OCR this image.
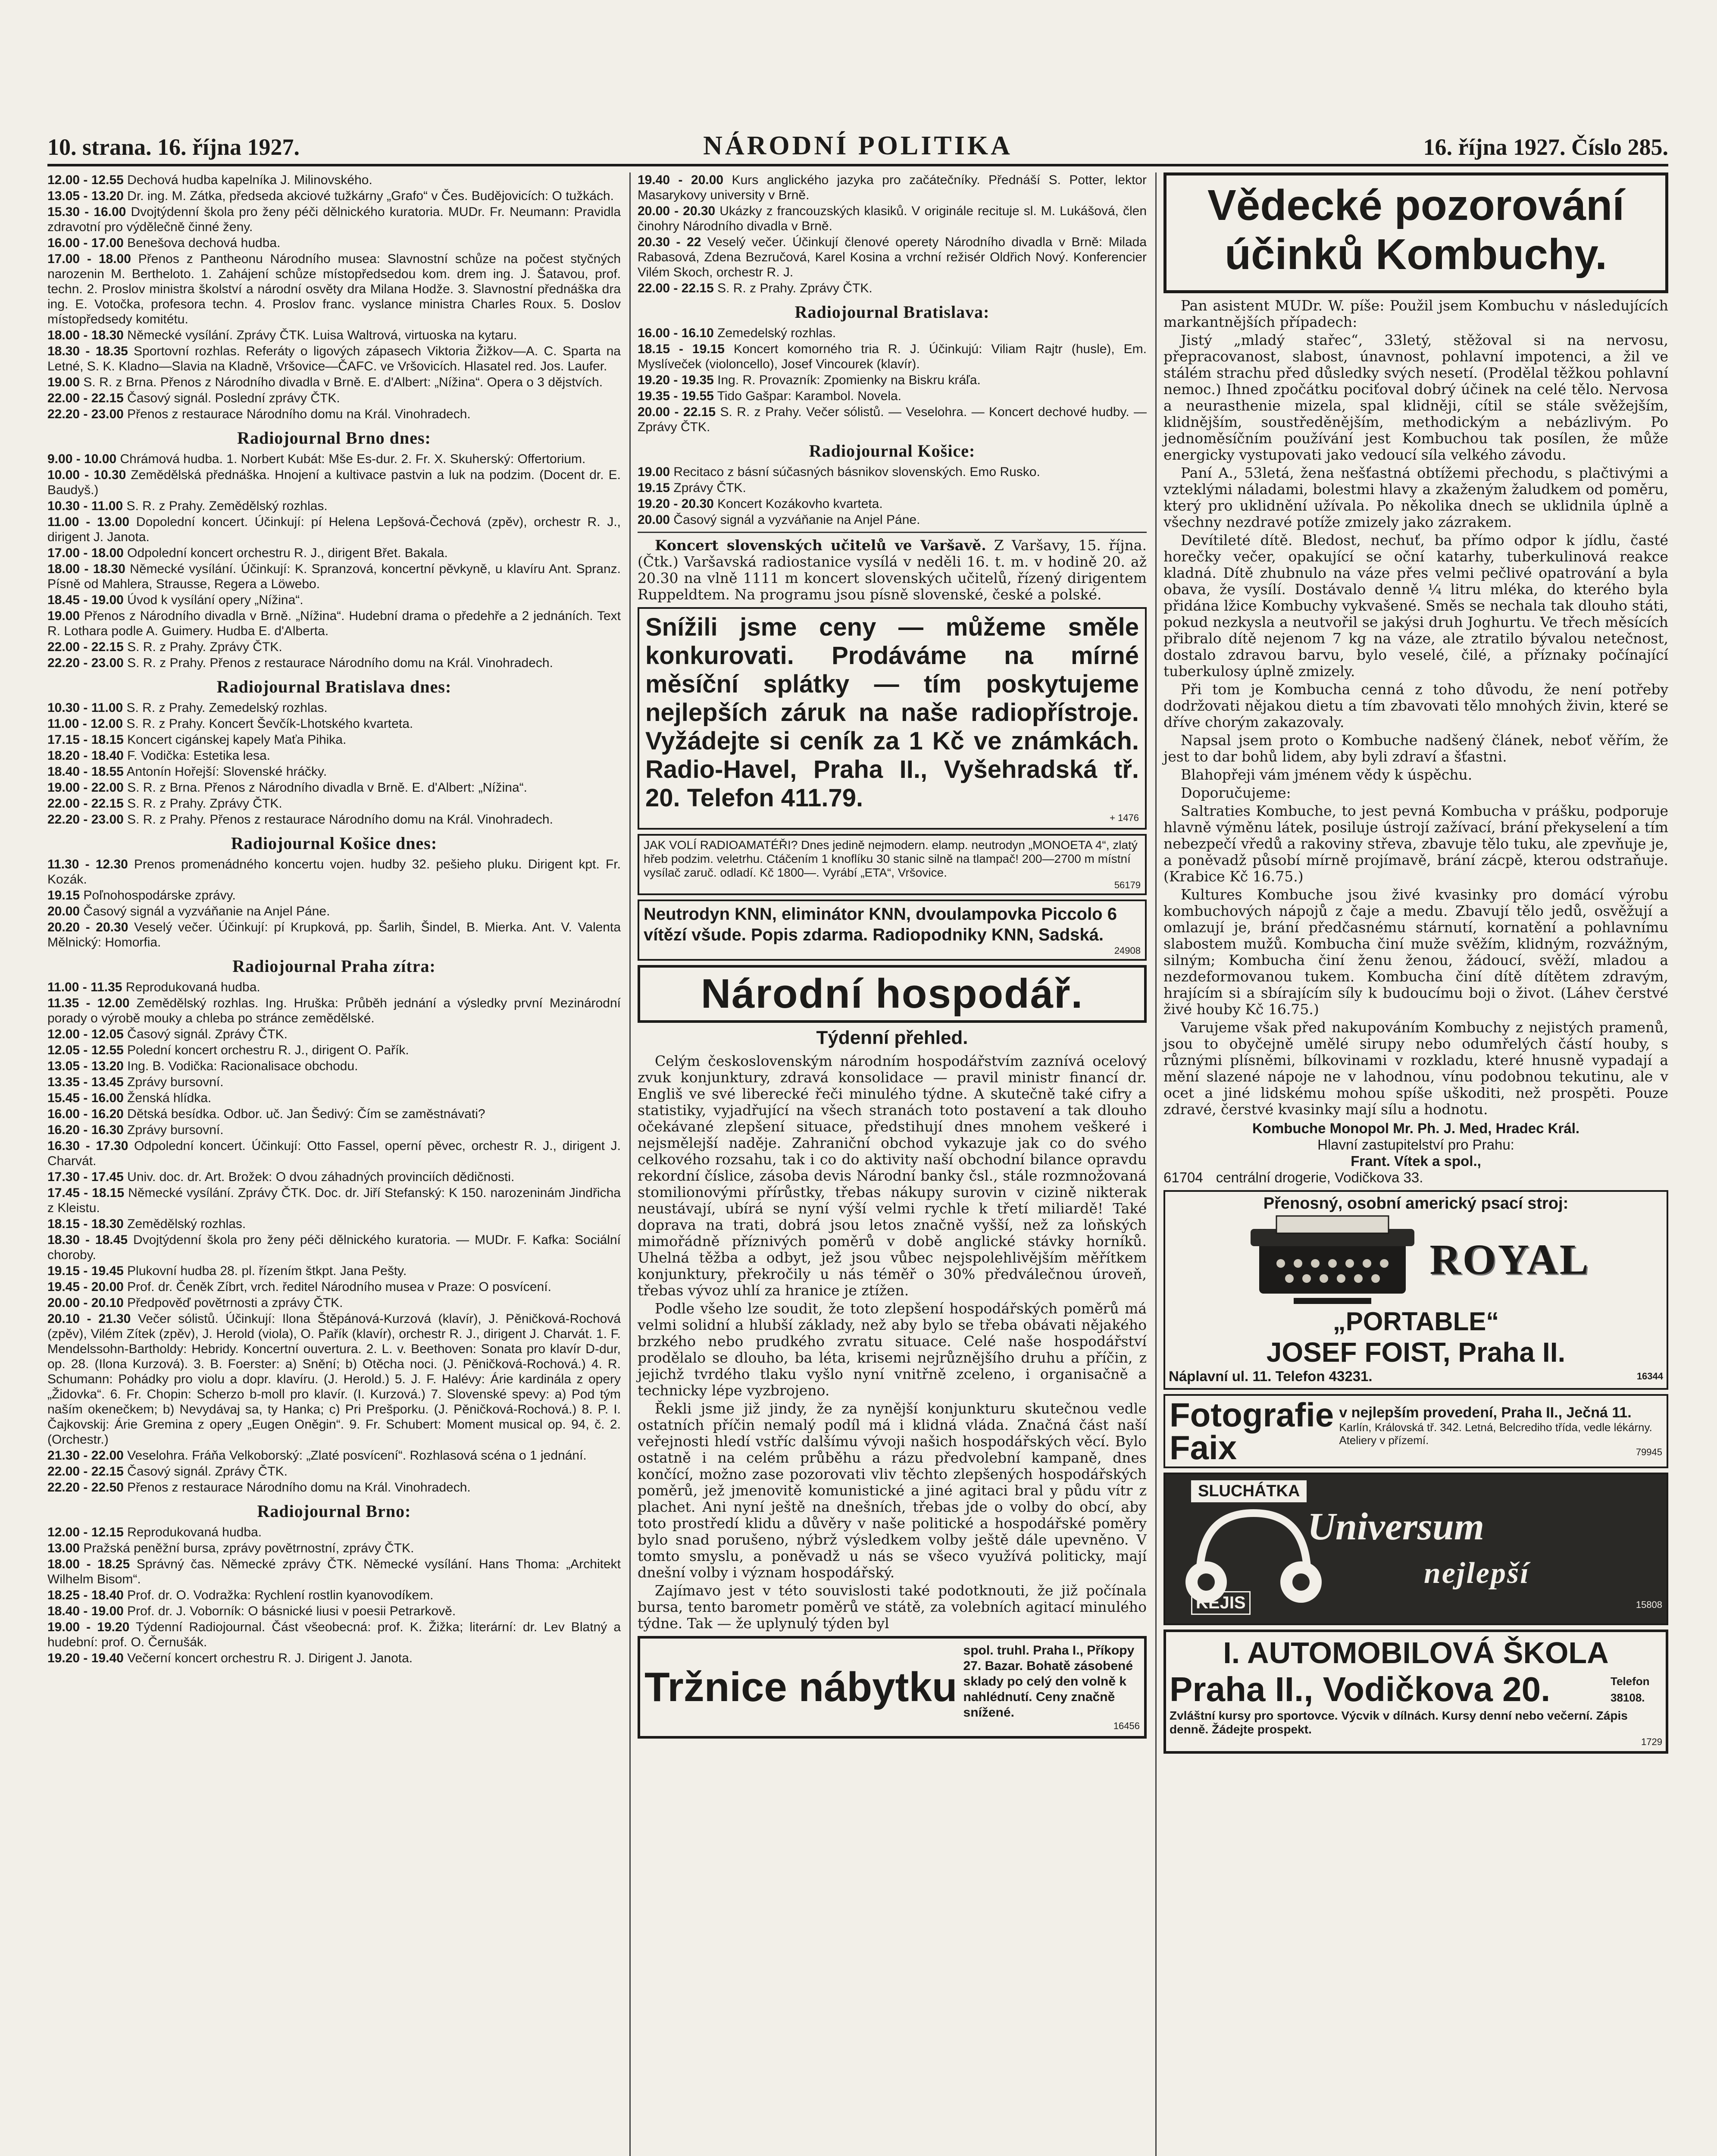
10. strana. 16. října 1927.	NÁRODNÍ POLITIKA	16. října 1927. Číslo 285.

12.00 - 12.55 Dechová hudba kapelníka J. Milinovského.

13.05 - 13.20 Dr. ing. M. Zátka, předseda akciové tužkárny „Grafo“ v Čes. Budějovicích: O tužkách.

15.30 - 16.00 Dvojtýdenní škola pro ženy péči dělnického kuratoria. MUDr. Fr. Neumann: Pravidla zdravotní pro výdělečně činné ženy.

16.00 - 17.00 Benešova dechová hudba.

17.00 - 18.00 Přenos z Pantheonu Národního musea: Slavnostní schůze na počest styčných narozenin M. Bertheloto. 1. Zahájení schůze místopředsedou kom. drem ing. J. Šatavou, prof. techn. 2. Proslov ministra školství a národní osvěty dra Milana Hodže. 3. Slavnostní přednáška dra ing. E. Votočka, profesora techn. 4. Proslov franc. vyslance ministra Charles Roux. 5. Doslov místopředsedy komitétu.

18.00 - 18.30 Německé vysílání. Zprávy ČTK. Luisa Waltrová, virtuoska na kytaru.

18.30 - 18.35 Sportovní rozhlas. Referáty o ligových zápasech Viktoria Žižkov—A. C. Sparta na Letné, S. K. Kladno—Slavia na Kladně, Vršovice—ČAFC. ve Vršovicích. Hlasatel red. Jos. Laufer.

19.00 S. R. z Brna. Přenos z Národního divadla v Brně. E. d'Albert: „Nížina“. Opera o 3 dějstvích.

22.00 - 22.15 Časový signál. Poslední zprávy ČTK.

22.20 - 23.00 Přenos z restaurace Národního domu na Král. Vinohradech.

Radiojournal Brno dnes:

9.00 - 10.00 Chrámová hudba. 1. Norbert Kubát: Mše Es-dur. 2. Fr. X. Skuherský: Offertorium.

10.00 - 10.30 Zemědělská přednáška. Hnojení a kultivace pastvin a luk na podzim. (Docent dr. E. Baudyš.)

10.30 - 11.00 S. R. z Prahy. Zemědělský rozhlas.

11.00 - 13.00 Dopolední koncert. Účinkují: pí Helena Lepšová-Čechová (zpěv), orchestr R. J., dirigent J. Janota.

17.00 - 18.00 Odpolední koncert orchestru R. J., dirigent Břet. Bakala.

18.00 - 18.30 Německé vysílání. Účinkují: K. Spranzová, koncertní pěvkyně, u klavíru Ant. Spranz. Písně od Mahlera, Strausse, Regera a Löwebo.

18.45 - 19.00 Úvod k vysílání opery „Nížina“.

19.00 Přenos z Národního divadla v Brně. „Nížina“. Hudební drama o předehře a 2 jednáních. Text R. Lothara podle A. Guimery. Hudba E. d'Alberta.

22.00 - 22.15 S. R. z Prahy. Zprávy ČTK.

22.20 - 23.00 S. R. z Prahy. Přenos z restaurace Národního domu na Král. Vinohradech.

Radiojournal Bratislava dnes:

10.30 - 11.00 S. R. z Prahy. Zemedelský rozhlas.

11.00 - 12.00 S. R. z Prahy. Koncert Ševčík-Lhotského kvarteta.

17.15 - 18.15 Koncert cigánskej kapely Maťa Pihika.

18.20 - 18.40 F. Vodička: Estetika lesa.

18.40 - 18.55 Antonín Hořejší: Slovenské hráčky.

19.00 - 22.00 S. R. z Brna. Přenos z Národního divadla v Brně. E. d'Albert: „Nížina“.

22.00 - 22.15 S. R. z Prahy. Zprávy ČTK.

22.20 - 23.00 S. R. z Prahy. Přenos z restaurace Národního domu na Král. Vinohradech.

Radiojournal Košice dnes:

11.30 - 12.30 Prenos promenádného koncertu vojen. hudby 32. pešieho pluku. Dirigent kpt. Fr. Kozák.

19.15 Poľnohospodárske zprávy.

20.00 Časový signál a vyzváňanie na Anjel Páne.

20.20 - 20.30 Veselý večer. Účinkují: pí Krupková, pp. Šarlih, Šindel, B. Mierka. Ant. V. Valenta Mělnický: Homorfia.

Radiojournal Praha zítra:

11.00 - 11.35 Reprodukovaná hudba.

11.35 - 12.00 Zemědělský rozhlas. Ing. Hruška: Průběh jednání a výsledky první Mezinárodní porady o výrobě mouky a chleba po stránce zemědělské.

12.00 - 12.05 Časový signál. Zprávy ČTK.

12.05 - 12.55 Polední koncert orchestru R. J., dirigent O. Pařík.

13.05 - 13.20 Ing. B. Vodička: Racionalisace obchodu.

13.35 - 13.45 Zprávy bursovní.

15.45 - 16.00 Ženská hlídka.

16.00 - 16.20 Dětská besídka. Odbor. uč. Jan Šedivý: Čím se zaměstnávati?

16.20 - 16.30 Zprávy bursovní.

16.30 - 17.30 Odpolední koncert. Účinkují: Otto Fassel, operní pěvec, orchestr R. J., dirigent J. Charvát.

17.30 - 17.45 Univ. doc. dr. Art. Brožek: O dvou záhadných provinciích dědičnosti.

17.45 - 18.15 Německé vysílání. Zprávy ČTK. Doc. dr. Jiří Stefanský: K 150. narozeninám Jindřicha z Kleistu.

18.15 - 18.30 Zemědělský rozhlas.

18.30 - 18.45 Dvojtýdenní škola pro ženy péči dělnického kuratoria. — MUDr. F. Kafka: Sociální choroby.

19.15 - 19.45 Plukovní hudba 28. pl. řízením štkpt. Jana Pešty.

19.45 - 20.00 Prof. dr. Čeněk Zíbrt, vrch. ředitel Národního musea v Praze: O posvícení.

20.00 - 20.10 Předpověď povětrnosti a zprávy ČTK.

20.10 - 21.30 Večer sólistů. Účinkují: Ilona Štěpánová-Kurzová (klavír), J. Pěničková-Rochová (zpěv), Vilém Zítek (zpěv), J. Herold (viola), O. Pařík (klavír), orchestr R. J., dirigent J. Charvát. 1. F. Mendelssohn-Bartholdy: Hebridy. Koncertní ouvertura. 2. L. v. Beethoven: Sonata pro klavír D-dur, op. 28. (Ilona Kurzová). 3. B. Foerster: a) Snění; b) Otěcha noci. (J. Pěničková-Rochová.) 4. R. Schumann: Pohádky pro violu a dopr. klavíru. (J. Herold.) 5. J. F. Halévy: Árie kardinála z opery „Židovka“. 6. Fr. Chopin: Scherzo b-moll pro klavír. (I. Kurzová.) 7. Slovenské spevy: a) Pod tým naším okenečkem; b) Nevydávaj sa, ty Hanka; c) Pri Prešporku. (J. Pěničková-Rochová.) 8. P. I. Čajkovskij: Árie Gremina z opery „Eugen Oněgin“. 9. Fr. Schubert: Moment musical op. 94, č. 2. (Orchestr.)

21.30 - 22.00 Veselohra. Fráňa Velkoborský: „Zlaté posvícení“. Rozhlasová scéna o 1 jednání.

22.00 - 22.15 Časový signál. Zprávy ČTK.

22.20 - 22.50 Přenos z restaurace Národního domu na Král. Vinohradech.

Radiojournal Brno:

12.00 - 12.15 Reprodukovaná hudba.

13.00 Pražská peněžní bursa, zprávy povětrnostní, zprávy ČTK.

18.00 - 18.25 Správný čas. Německé zprávy ČTK. Německé vysílání. Hans Thoma: „Architekt Wilhelm Bisom“.

18.25 - 18.40 Prof. dr. O. Vodražka: Rychlení rostlin kyanovodíkem.

18.40 - 19.00 Prof. dr. J. Voborník: O básnické liusi v poesii Petrarkově.

19.00 - 19.20 Týdenní Radiojournal. Část všeobecná: prof. K. Žižka; literární: dr. Lev Blatný a hudební: prof. O. Černušák.

19.20 - 19.40 Večerní koncert orchestru R. J. Dirigent J. Janota.

19.40 - 20.00 Kurs anglického jazyka pro začátečníky. Přednáší S. Potter, lektor Masarykovy university v Brně.

20.00 - 20.30 Ukázky z francouzských klasiků. V originále recituje sl. M. Lukášová, člen činohry Národního divadla v Brně.

20.30 - 22 Veselý večer. Účinkují členové operety Národního divadla v Brně: Milada Rabasová, Zdena Bezručová, Karel Kosina a vrchní režisér Oldřich Nový. Konferencier Vilém Skoch, orchestr R. J.

22.00 - 22.15 S. R. z Prahy. Zprávy ČTK.

Radiojournal Bratislava:

16.00 - 16.10 Zemedelský rozhlas.

18.15 - 19.15 Koncert komorného tria R. J. Účinkujú: Viliam Rajtr (husle), Em. Myslíveček (violoncello), Josef Vincourek (klavír).

19.20 - 19.35 Ing. R. Provazník: Zpomienky na Biskru kráľa.

19.35 - 19.55 Tido Gašpar: Karambol. Novela.

20.00 - 22.15 S. R. z Prahy. Večer sólistů. — Veselohra. — Koncert dechové hudby. — Zprávy ČTK.

Radiojournal Košice:

19.00 Recitaco z básní súčasných básnikov slovenských. Emo Rusko.

19.15 Zprávy ČTK.

19.20 - 20.30 Koncert Kozákovho kvarteta.

20.00 Časový signál a vyzváňanie na Anjel Páne.

Koncert slovenských učitelů ve Varšavě. Z Varšavy, 15. října. (Čtk.) Varšavská radiostanice vysílá v neděli 16. t. m. v hodině 20. až 20.30 na vlně 1111 m koncert slovenských učitelů, řízený dirigentem Ruppeldtem. Na programu jsou písně slovenské, české a polské.

Snížili jsme ceny — můžeme směle konkurovati. Prodáváme na mírné měsíční splátky — tím poskytujeme nejlepších záruk na naše radiopřístroje. Vyžádejte si ceník za 1 Kč ve známkách. Radio-Havel, Praha II., Vyšehradská tř. 20. Telefon 411.79.
+ 1476
JAK VOLÍ RADIOAMATÉŘI? Dnes jedině nejmodern. elamp. neutrodyn „MONOETA 4“, zlatý hřeb podzim. veletrhu. Ctáčením 1 knoflíku 30 stanic silně na tlampač! 200—2700 m místní vysílač zaruč. odladí. Kč 1800—. Vyrábí „ETA“, Vršovice.
56179
Neutrodyn KNN, eliminátor KNN, dvoulampovka Piccolo 6 vítězí všude. Popis zdarma. Radiopodniky KNN, Sadská.
24908
Národní hospodář.
Týdenní přehled.

Celým československým národním hospodářstvím zaznívá ocelový zvuk konjunktury, zdravá konsolidace — pravil ministr financí dr. Engliš ve své liberecké řeči minulého týdne. A skutečně také cifry a statistiky, vyjadřující na všech stranách toto postavení a tak dlouho očekávané zlepšení situace, předstihují dnes mnohem veškeré i nejsmělejší naděje. Zahraniční obchod vykazuje jak co do svého celkového rozsahu, tak i co do aktivity naší obchodní bilance opravdu rekordní číslice, zásoba devis Národní banky čsl., stále rozmnožovaná stomilionovými přírůstky, třebas nákupy surovin v cizině nikterak neustávají, ubírá se nyní výší velmi rychle k třetí miliardě! Také doprava na trati, dobrá jsou letos značně vyšší, než za loňských mimořádně příznivých poměrů v době anglické stávky horníků. Uhelná těžba a odbyt, jež jsou vůbec nejspolehlivějším měřítkem konjunktury, překročily u nás téměř o 30% předválečnou úroveň, třebas vývoz uhlí za hranice je ztížen.

Podle všeho lze soudit, že toto zlepšení hospodářských poměrů má velmi solidní a hlubší základy, než aby bylo se třeba obávati nějakého brzkého nebo prudkého zvratu situace. Celé naše hospodářství prodělalo se dlouho, ba léta, krisemi nejrůznějšího druhu a příčin, z jejichž tvrdého tlaku vyšlo nyní vnitřně zceleno, i organisačně a technicky lépe vyzbrojeno.

Řekli jsme již jindy, že za nynější konjunkturu skutečnou vedle ostatních příčin nemalý podíl má i klidná vláda. Značná část naší veřejnosti hledí vstříc dalšímu vývoji našich hospodářských věcí. Bylo ostatně i na celém průběhu a rázu předvolební kampaně, dnes končící, možno zase pozorovati vliv těchto zlepšených hospodářských poměrů, jež jmenovitě komunistické a jiné agitaci bral y půdu vítr z plachet. Ani nyní ještě na dnešních, třebas jde o volby do obcí, aby toto prostředí klidu a důvěry v naše politické a hospodářské poměry bylo snad porušeno, nýbrž výsledkem volby ještě dále upevněno. V tomto smyslu, a poněvadž u nás se všeco využívá politicky, mají dnešní volby i význam hospodářský.

Zajímavo jest v této souvislosti také podotknouti, že již počínala bursa, tento barometr poměrů ve státě, za volebních agitací minulého týdne. Tak — že uplynulý týden byl

Tržnice nábytku
spol. truhl. Praha I., Příkopy 27. Bazar. Bohatě zásobené sklady po celý den volně k nahlédnutí. Ceny značně snížené.
16456
Vědecké pozorování účinků Kombuchy.

Pan asistent MUDr. W. píše: Použil jsem Kombuchu v následujících markantnějších případech:

Jistý „mladý stařec“, 33letý, stěžoval si na nervosu, přepracovanost, slabost, únavnost, pohlavní impotenci, a žil ve stálém strachu před důsledky svých nesetí. (Prodělal těžkou pohlavní nemoc.) Ihned zpočátku pociťoval dobrý účinek na celé tělo. Nervosa a neurasthenie mizela, spal klidněji, cítil se stále svěžejším, klidnějším, soustředěnějším, methodickým a nebázlivým. Po jednoměsíčním používání jest Kombuchou tak posílen, že může energicky vystupovati jako vedoucí síla velkého závodu.

Paní A., 53letá, žena nešťastná obtížemi přechodu, s plačtivými a vzteklými náladami, bolestmi hlavy a zkaženým žaludkem od poměru, který pro uklidnění užívala. Po několika dnech se uklidnila úplně a všechny nezdravé potíže zmizely jako zázrakem.

Devítileté dítě. Bledost, nechuť, ba přímo odpor k jídlu, časté horečky večer, opakující se oční katarhy, tuberkulinová reakce kladná. Dítě zhubnulo na váze přes velmi pečlivé opatrování a byla obava, že vysílí. Dostávalo denně ¼ litru mléka, do kterého byla přidána lžice Kombuchy vykvašené. Směs se nechala tak dlouho státi, pokud nezkysla a neutvořil se jakýsi druh Joghurtu. Ve třech měsících přibralo dítě nejenom 7 kg na váze, ale ztratilo bývalou netečnost, dostalo zdravou barvu, bylo veselé, čilé, a příznaky počínající tuberkulosy úplně zmizely.

Při tom je Kombucha cenná z toho důvodu, že není potřeby dodržovati nějakou dietu a tím zbavovati tělo mnohých živin, které se dříve chorým zakazovaly.

Napsal jsem proto o Kombuche nadšený článek, neboť věřím, že jest to dar bohů lidem, aby byli zdraví a šťastni.

Blahopřeji vám jménem vědy k úspěchu.

Doporučujeme:

Saltraties Kombuche, to jest pevná Kombucha v prášku, podporuje hlavně výměnu látek, posiluje ústrojí zažívací, brání překyselení a tím nebezpečí vředů a rakoviny střeva, zbavuje tělo tuku, ale zpevňuje je, a poněvadž působí mírně projímavě, brání zácpě, kterou odstraňuje. (Krabice Kč 16.75.)

Kultures Kombuche jsou živé kvasinky pro domácí výrobu kombuchových nápojů z čaje a medu. Zbavují tělo jedů, osvěžují a omlazují je, brání předčasnému stárnutí, kornatění a pohlavnímu slabostem mužů. Kombucha činí muže svěžím, klidným, rozvážným, silným; Kombucha činí ženu ženou, žádoucí, svěží, mladou a nezdeformovanou tukem. Kombucha činí dítě dítětem zdravým, hrajícím si a sbírajícím síly k budoucímu boji o život. (Láhev čerstvé živé houby Kč 16.75.)

Varujeme však před nakupováním Kombuchy z nejistých pramenů, jsou to obyčejně umělé sirupy nebo odumřelých částí houby, s různými plísněmi, bílkovinami v rozkladu, které hnusně vypadají a mění slazené nápoje ne v lahodnou, vínu podobnou tekutinu, ale v ocet a jiné lidskému mohou spíše uškoditi, než prospěti. Pouze zdravé, čerstvé kvasinky mají sílu a hodnotu.

Kombuche Monopol Mr. Ph. J. Med, Hradec Král.
Hlavní zastupitelství pro Prahu:
Frant. Vítek a spol.,
61704 centrální drogerie, Vodičkova 33.
Přenosný, osobní americký psací stroj:
ROYAL
„PORTABLE“
JOSEF FOIST, Praha II.
Náplavní ul. 11. Telefon 43231.	16344
Fotografie
Faix
v nejlepším provedení, Praha II., Ječná 11.
Karlín, Královská tř. 342. Letná, Belcrediho třída, vedle lékárny. Ateliery v přízemí.
79945
SLUCHÁTKA
Universum
nejlepší
KEJIS	15808
I. AUTOMOBILOVÁ ŠKOLA
Praha II., Vodičkova 20.	Telefon 38108.
Zvláštní kursy pro sportovce. Výcvik v dílnách. Kursy denní nebo večerní. Zápis denně. Žádejte prospekt.
1729
